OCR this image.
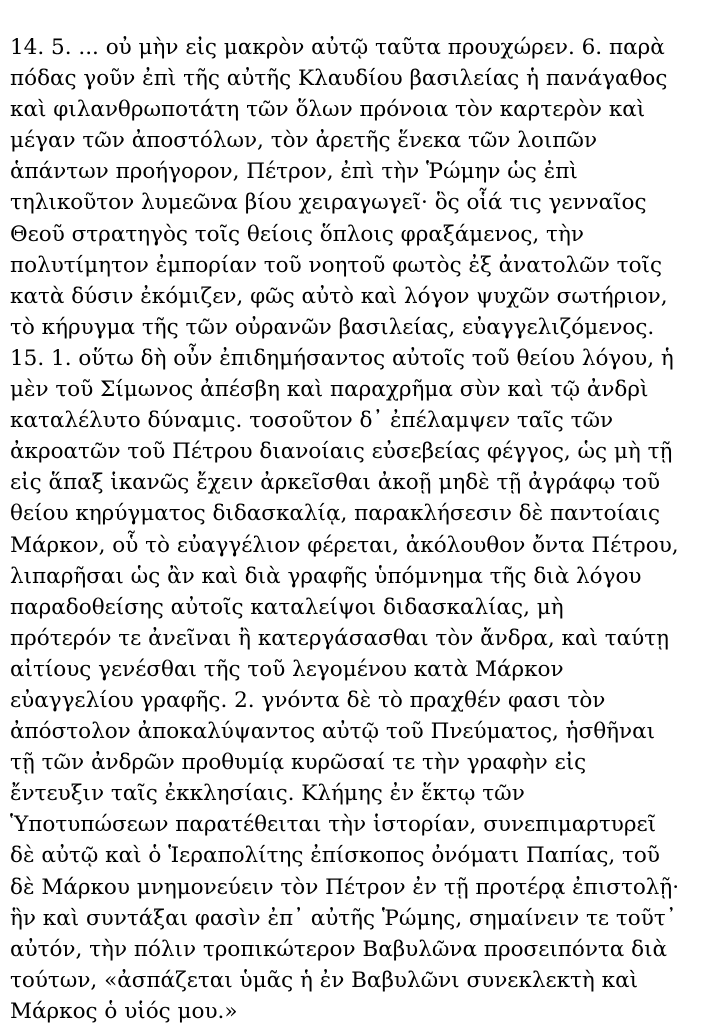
14. 5. ... οὐ μὴν εἰς μακρὸν αὐτῷ ταῦτα προυχώρεν. 6. παρὰ
πόδας γοῦν ἐπὶ τῆς αὐτῆς Κλαυδίου βασιλείας ἡ πανάγαθος
καὶ φιλανθρωποτάτη τῶν ὅλων πρόνοια τὸν καρτερὸν καὶ
μέγαν τῶν ἀποστόλων, τὸν ἀρετῆς ἕνεκα τῶν λοιπῶν
ἁπάντων προήγορον, Πέτρον, ἐπὶ τὴν Ῥώμην ὡς ἐπὶ
τηλικοῦτον λυμεῶνα βίου χειραγωγεῖ· ὃς οἷά τις γενναῖος
Θεοῦ στρατηγὸς τοῖς θείοις ὅπλοις φραξάμενος, τὴν
πολυτίμητον ἐμπορίαν τοῦ νοητοῦ φωτὸς ἐξ ἀνατολῶν τοῖς
κατὰ δύσιν ἐκόμιζεν, φῶς αὐτὸ καὶ λόγον ψυχῶν σωτήριον,
τὸ κήρυγμα τῆς τῶν οὐρανῶν βασιλείας, εὐαγγελιζόμενος.
15. 1. οὕτω δὴ οὖν ἐπιδημήσαντος αὐτοῖς τοῦ θείου λόγου, ἡ
μὲν τοῦ Σίμωνος ἀπέσβη καὶ παραχρῆμα σὺν καὶ τῷ ἀνδρὶ
καταλέλυτο δύναμις. τοσοῦτον δ᾽ ἐπέλαμψεν ταῖς τῶν
ἀκροατῶν τοῦ Πέτρου διανοίαις εὐσεβείας φέγγος, ὡς μὴ τῇ
εἰς ἅπαξ ἱκανῶς ἔχειν ἀρκεῖσθαι ἀκοῇ μηδὲ τῇ ἀγράφῳ τοῦ
θείου κηρύγματος διδασκαλίᾳ, παρακλήσεσιν δὲ παντοίαις
Μάρκον, οὗ τὸ εὐαγγέλιον φέρεται, ἀκόλουθον ὄντα Πέτρου,
λιπαρῆσαι ὡς ἂν καὶ διὰ γραφῆς ὑπόμνημα τῆς διὰ λόγου
παραδοθείσης αὐτοῖς καταλείψοι διδασκαλίας, μὴ
πρότερόν τε ἀνεῖναι ἢ κατεργάσασθαι τὸν ἄνδρα, καὶ ταύτῃ
αἰτίους γενέσθαι τῆς τοῦ λεγομένου κατὰ Μάρκον
εὐαγγελίου γραφῆς. 2. γνόντα δὲ τὸ πραχθέν φασι τὸν
ἀπόστολον ἀποκαλύψαντος αὐτῷ τοῦ Πνεύματος, ἡσθῆναι
τῇ τῶν ἀνδρῶν προθυμίᾳ κυρῶσαί τε τὴν γραφὴν εἰς
ἔντευξιν ταῖς ἐκκλησίαις. Κλήμης ἐν ἕκτῳ τῶν
Ὑποτυπώσεων παρατέθειται τὴν ἱστορίαν, συνεπιμαρτυρεῖ
δὲ αὐτῷ καὶ ὁ Ἱεραπολίτης ἐπίσκοπος ὀνόματι Παπίας, τοῦ
δὲ Μάρκου μνημονεύειν τὸν Πέτρον ἐν τῇ προτέρᾳ ἐπιστολῇ·
ἣν καὶ συντάξαι φασὶν ἐπ᾽ αὐτῆς Ῥώμης, σημαίνειν τε τοῦτ᾽
αὐτόν, τὴν πόλιν τροπικώτερον Βαβυλῶνα προσειπόντα διὰ
τούτων, «ἀσπάζεται ὑμᾶς ἡ ἐν Βαβυλῶνι συνεκλεκτὴ καὶ
Μάρκος ὁ υἱός μου.»
